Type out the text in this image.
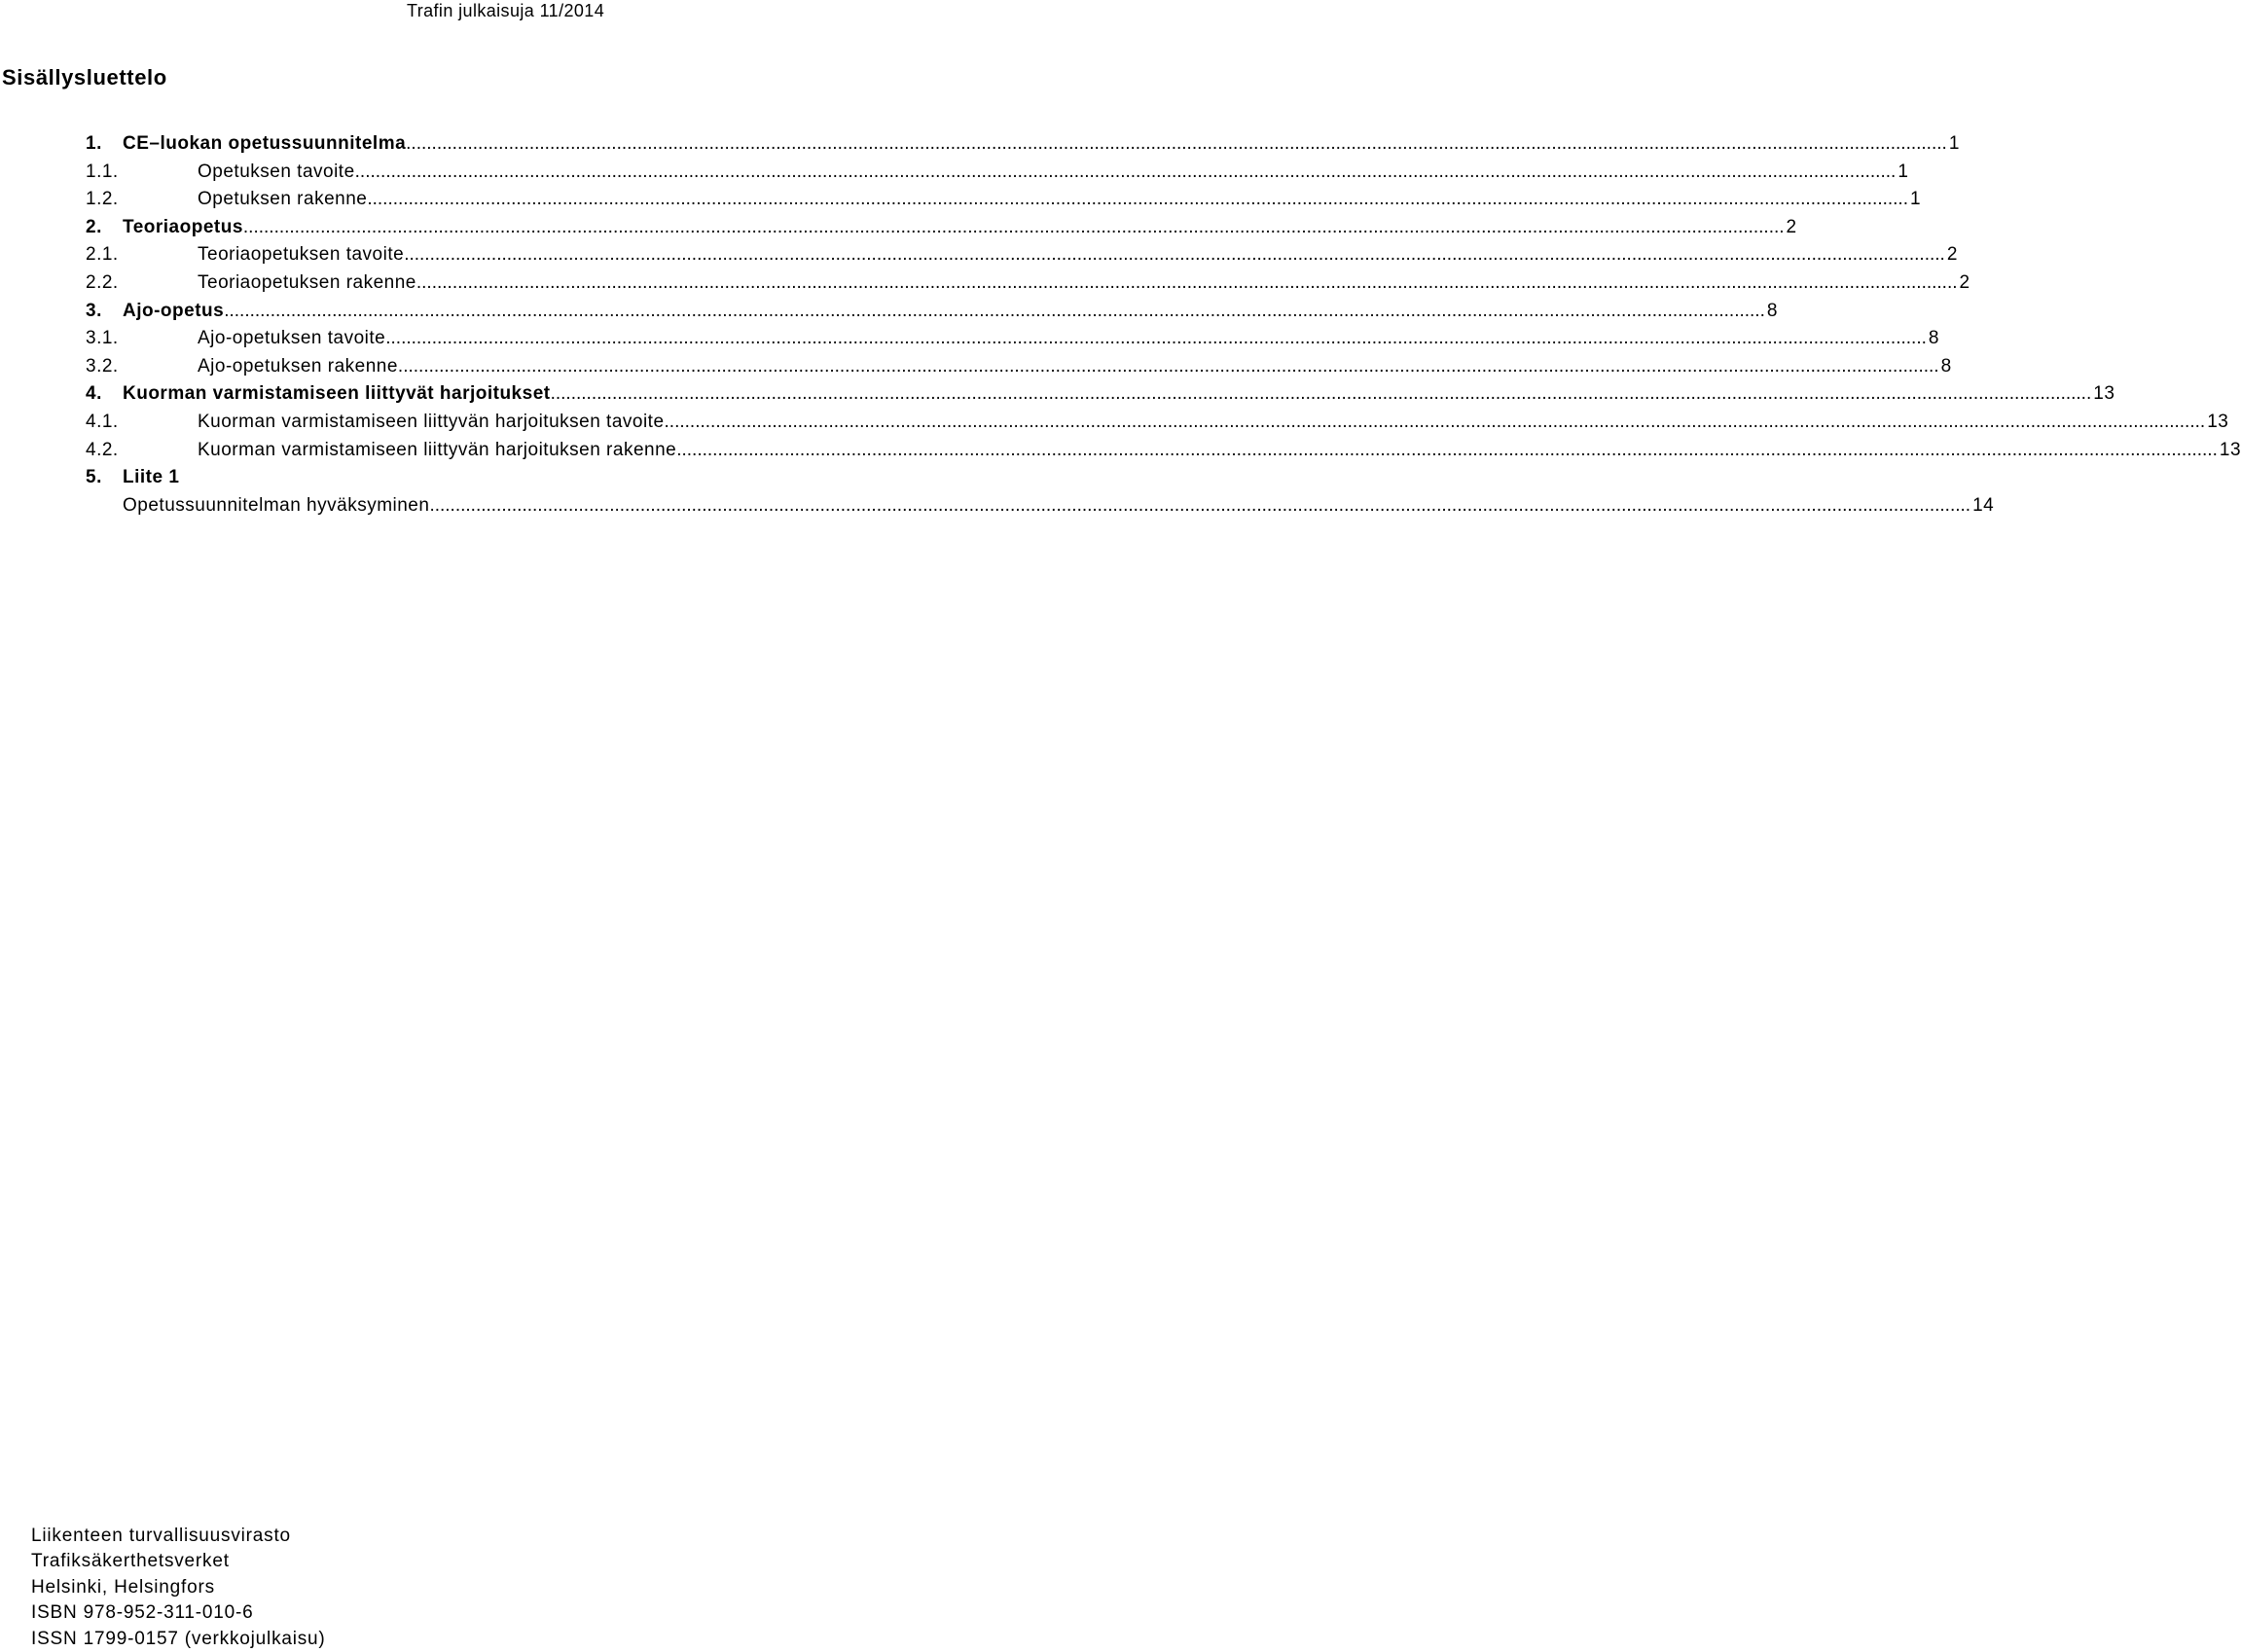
Trafin julkaisuja 11/2014
Sisällysluettelo
1.	CE–luokan opetussuunnitelma ............................................................................................................................................................................................................................................................................................................ 1
1.1.	Opetuksen tavoite ............................................................................................................................................................................................................................................................................................................ 1
1.2.	Opetuksen rakenne ............................................................................................................................................................................................................................................................................................................ 1
2.	Teoriaopetus ............................................................................................................................................................................................................................................................................................................ 2
2.1.	Teoriaopetuksen tavoite ............................................................................................................................................................................................................................................................................................................ 2
2.2.	Teoriaopetuksen rakenne ............................................................................................................................................................................................................................................................................................................ 2
3.	Ajo-opetus ............................................................................................................................................................................................................................................................................................................ 8
3.1.	Ajo-opetuksen tavoite ............................................................................................................................................................................................................................................................................................................ 8
3.2.	Ajo-opetuksen rakenne ............................................................................................................................................................................................................................................................................................................ 8
4.	Kuorman varmistamiseen liittyvät harjoitukset ............................................................................................................................................................................................................................................................................................................ 13
4.1.	Kuorman varmistamiseen liittyvän harjoituksen tavoite ............................................................................................................................................................................................................................................................................................................ 13
4.2.	Kuorman varmistamiseen liittyvän harjoituksen rakenne ............................................................................................................................................................................................................................................................................................................ 13
5.	Liite 1
Opetussuunnitelman hyväksyminen ............................................................................................................................................................................................................................................................................................................ 14
Liikenteen turvallisuusvirasto
Trafiksäkerthetsverket
Helsinki, Helsingfors
ISBN 978-952-311-010-6
ISSN 1799-0157 (verkkojulkaisu)
